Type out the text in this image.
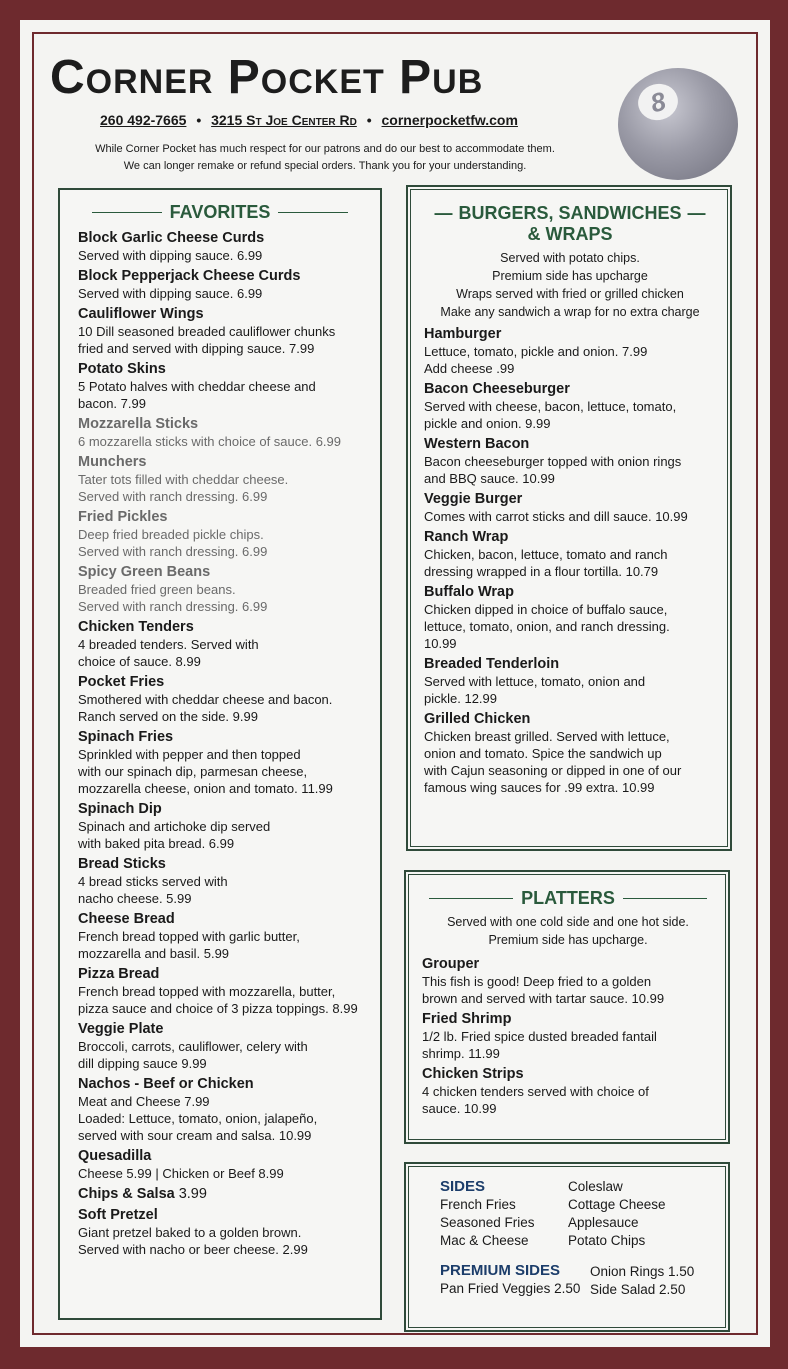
Corner Pocket Pub
260 492-7665 • 3215 St Joe Center Rd • cornerpocketfw.com
While Corner Pocket has much respect for our patrons and do our best to accommodate them.
We can longer remake or refund special orders. Thank you for your understanding.
8
FAVORITES
Block Garlic Cheese Curds
Served with dipping sauce. 6.99
Block Pepperjack Cheese Curds
Served with dipping sauce. 6.99
Cauliflower Wings
10 Dill seasoned breaded cauliflower chunks
fried and served with dipping sauce. 7.99
Potato Skins
5 Potato halves with cheddar cheese and
bacon. 7.99
Mozzarella Sticks
6 mozzarella sticks with choice of sauce. 6.99
Munchers
Tater tots filled with cheddar cheese.
Served with ranch dressing. 6.99
Fried Pickles
Deep fried breaded pickle chips.
Served with ranch dressing. 6.99
Spicy Green Beans
Breaded fried green beans.
Served with ranch dressing. 6.99
Chicken Tenders
4 breaded tenders. Served with
choice of sauce. 8.99
Pocket Fries
Smothered with cheddar cheese and bacon.
Ranch served on the side. 9.99
Spinach Fries
Sprinkled with pepper and then topped
with our spinach dip, parmesan cheese,
mozzarella cheese, onion and tomato. 11.99
Spinach Dip
Spinach and artichoke dip served
with baked pita bread. 6.99
Bread Sticks
4 bread sticks served with
nacho cheese. 5.99
Cheese Bread
French bread topped with garlic butter,
mozzarella and basil. 5.99
Pizza Bread
French bread topped with mozzarella, butter,
pizza sauce and choice of 3 pizza toppings. 8.99
Veggie Plate
Broccoli, carrots, cauliflower, celery with
dill dipping sauce 9.99
Nachos - Beef or Chicken
Meat and Cheese 7.99
Loaded: Lettuce, tomato, onion, jalapeño,
served with sour cream and salsa. 10.99
Quesadilla
Cheese 5.99 | Chicken or Beef 8.99
Chips & Salsa 3.99
Soft Pretzel
Giant pretzel baked to a golden brown.
Served with nacho or beer cheese. 2.99
— BURGERS, SANDWICHES —
& WRAPS
Served with potato chips.
Premium side has upcharge
Wraps served with fried or grilled chicken
Make any sandwich a wrap for no extra charge
Hamburger
Lettuce, tomato, pickle and onion. 7.99
Add cheese .99
Bacon Cheeseburger
Served with cheese, bacon, lettuce, tomato,
pickle and onion. 9.99
Western Bacon
Bacon cheeseburger topped with onion rings
and BBQ sauce. 10.99
Veggie Burger
Comes with carrot sticks and dill sauce. 10.99
Ranch Wrap
Chicken, bacon, lettuce, tomato and ranch
dressing wrapped in a flour tortilla. 10.79
Buffalo Wrap
Chicken dipped in choice of buffalo sauce,
lettuce, tomato, onion, and ranch dressing.
10.99
Breaded Tenderloin
Served with lettuce, tomato, onion and
pickle. 12.99
Grilled Chicken
Chicken breast grilled. Served with lettuce,
onion and tomato. Spice the sandwich up
with Cajun seasoning or dipped in one of our
famous wing sauces for .99 extra. 10.99
PLATTERS
Served with one cold side and one hot side.
Premium side has upcharge.
Grouper
This fish is good! Deep fried to a golden
brown and served with tartar sauce. 10.99
Fried Shrimp
1/2 lb. Fried spice dusted breaded fantail
shrimp. 11.99
Chicken Strips
4 chicken tenders served with choice of
sauce. 10.99
SIDES
French Fries
Seasoned Fries
Mac & Cheese
Coleslaw
Cottage Cheese
Applesauce
Potato Chips
PREMIUM SIDES
Pan Fried Veggies 2.50
Onion Rings 1.50
Side Salad 2.50
